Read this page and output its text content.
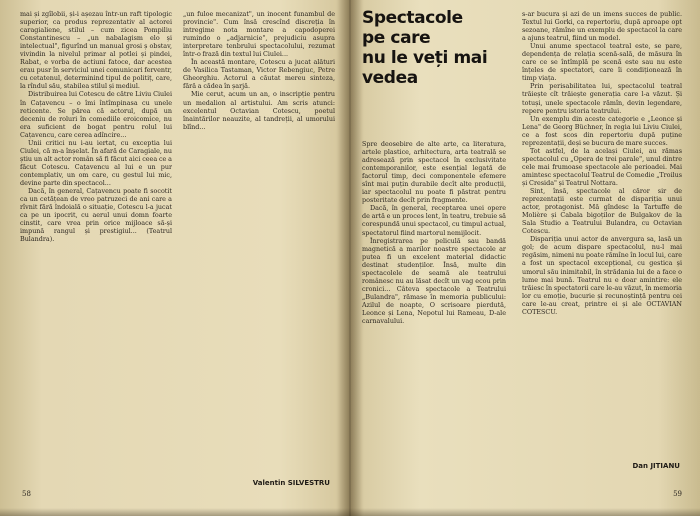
mai și zgîlobii, și-i așezau într-un raft tipologic superior, ca produs reprezentativ al actorei caragialiene, stilul – cum zicea Pompiliu Constantinescu – „un nabalagism elo și intelectual", figurînd un manual grosi ș obstav, vivindin la nivelul primar al potlei și pindei, Rabat, e vorba de actiuni fatoce, dar acestea erau pusr în serviciul unei comunicari ferventr, cu cetatenul, determinind tipul de politiț, care, la rîndul său, stabilea stilul și mediul.

Distribuirea lui Cotescu de către Liviu Ciulei în Cațavencu – o îmi întîmpinasa cu unele reticente. Se părea că actorul, după un deceniu de roluri în comediile eroicomice, nu era suficient de bogat pentru rolul lui Cațavencu, care cerea adîncire...

Unii critici nu i-au iertat, cu exceptia lui Ciulei, că m-a înșelat. În afară de Caragiale, nu știu un alt actor român să fi făcut aici ceea ce a făcut Cotescu. Cațavencu al lui e un pur contemplativ, un om care, cu gestul lui mic, devine parte din spectacol...

Dacă, în general, Cațavencu poate fi socotit ca un cetățean de vreo patruzeci de ani care a rîvnit fără îndoială o situație, Cotescu l-a jucat ca pe un ipocrit, cu aerul unui domn foarte cinstit, care vrea prin orice mijloace să-și impună rangul și prestigiul... (Teatrul Bulandra).

„un fuloe mecanizat", un inocent funambul de provincie". Cum însă crescînd discreția în intregime nota montare a capodoperei rumindo o „adjarnicie", prejudiciu asupra interpretare tenbrului spectacolului, rezumat într-o frază din textul lui Ciulei...

În această montare, Cotescu a jucat alături de Vasilica Tastaman, Victor Rebengiuc, Petre Gheorghiu. Actorul a căutat mereu sinteza, fără a cădea în șarjă.

Mie cerut, acum un an, o inscripție pentru un medalion al artistului. Am scris atunci: excelentul Octavian Cotescu, poetul înaintărilor neauzite, al tandreții, al umorului blînd...

Valentin SILVESTRU
58
Spectacole
pe care
nu le veți mai
vedea

Spre deosebire de alte arte, ca literatura, artele plastice, arhitectura, arta teatrală se adresează prin spectacol în exclusivitate contemporanilor, este esențial legată de factorul timp, deci componentele efemere sînt mai puțin durabile decît alte producții, iar spectacolul nu poate fi păstrat pentru posteritate decît prin fragmente.

Dacă, în general, receptarea unei opere de artă e un proces lent, în teatru, trebuie să corespundă unui spectacol, cu timpul actual, spectatorul fiind martorul nemijlocit.

Înregistrarea pe peliculă sau bandă magnetică a marilor noastre spectacole ar putea fi un excelent material didactic destinat studenților. Însă, multe din spectacolele de seamă ale teatrului românesc nu au lăsat decît un vag ecou prin cronici... Câteva spectacole a Teatrului „Bulandra", rămase în memoria publicului: Azilul de noapte, O scrisoare pierdută, Leonce și Lena, Nepotul lui Rameau, D-ale carnavalului.

s-ar bucura și azi de un imens succes de public. Textul lui Gorki, ca repertoriu, după aproape opt sezoane, rămîne un exemplu de spectacol la care a ajuns teatrul, fiind un model.

Unui anume spectacol teatral este, se pare, dependența de relația scenă-sală, de măsura în care ce se întîmplă pe scenă este sau nu este înțeles de spectatori, care îi condiționează în timp viața.

Prin perisabilitatea lui, spectacolul teatral trăiește cît trăiește generația care l-a văzut. Și totuși, unele spectacole rămîn, devin legendare, repere pentru istoria teatrului.

Un exemplu din aceste categorie e „Leonce și Lena" de Georg Büchner, în regia lui Liviu Ciulei, ce a fost scos din repertoriu după puține reprezentații, deși se bucura de mare succes.

Tot astfel, de la același Ciulei, au rămas spectacolul cu „Opera de trei parale", unul dintre cele mai frumoase spectacole ale perioadei. Mai amintesc spectacolul Teatrul de Comedie „Troilus și Cresida" și Teatrul Nottara.

Sint, însă, spectacole al căror sir de reprezentații este curmat de dispariția unui actor, protagonist. Mă gîndesc la Tartuffe de Molière și Cabala bigoților de Bulgakov de la Sala Studio a Teatrului Bulandra, cu Octavian Cotescu.

Dispariția unui actor de anvergura sa, lasă un gol; de acum dispare spectacolul, nu-l mai regăsim, nimeni nu poate rămîne în locul lui, care a fost un spectacol excepțional, cu gestica și umorul său inimitabil, în strădania lui de a face o lume mai bună. Teatrul nu e doar amintire: ele trăiesc în spectatorii care le-au văzut, în memoria lor cu emoție, bucurie și recunoștință pentru cei care le-au creat, printre ei și ale OCTAVIAN COTESCU.

Dan JITIANU
59
